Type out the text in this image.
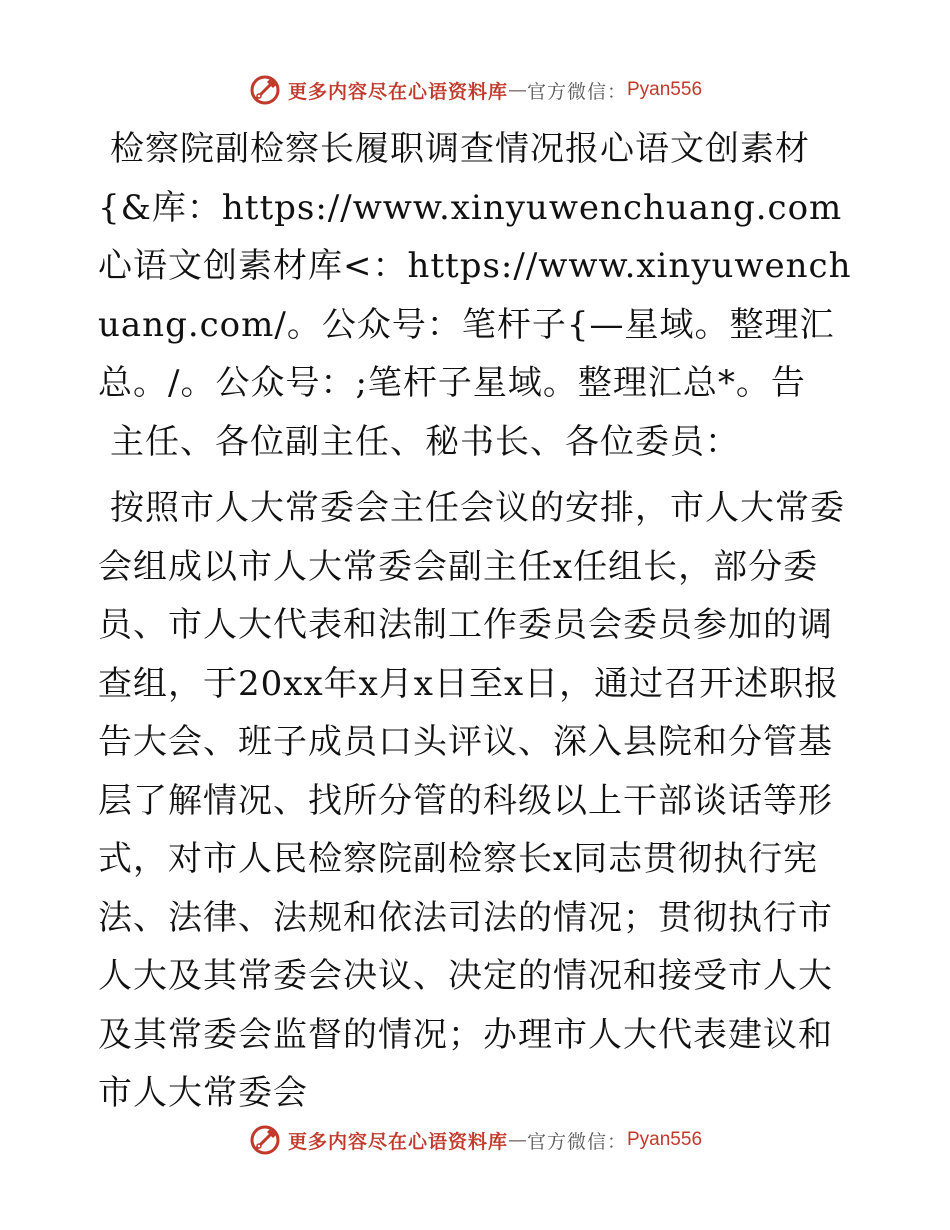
更多内容尽在心语资料库 — 官方微信： Pyan556

检察院副检察长履职调查情况报心语文创素材{&库：https://www.xinyuwenchuang.com心语文创素材库<：https://www.xinyuwenchuang.com/。公众号：笔杆子{—星域。整理汇总。/。公众号：;笔杆子星域。整理汇总*。告

主任、各位副主任、秘书长、各位委员：

按照市人大常委会主任会议的安排，市人大常委会组成以市人大常委会副主任x任组长，部分委员、市人大代表和法制工作委员会委员参加的调查组，于20xx年x月x日至x日，通过召开述职报告大会、班子成员口头评议、深入县院和分管基层了解情况、找所分管的科级以上干部谈话等形式，对市人民检察院副检察长x同志贯彻执行宪法、法律、法规和依法司法的情况；贯彻执行市人大及其常委会决议、决定的情况和接受市人大及其常委会监督的情况；办理市人大代表建议和市人大常委会

更多内容尽在心语资料库 — 官方微信： Pyan556
